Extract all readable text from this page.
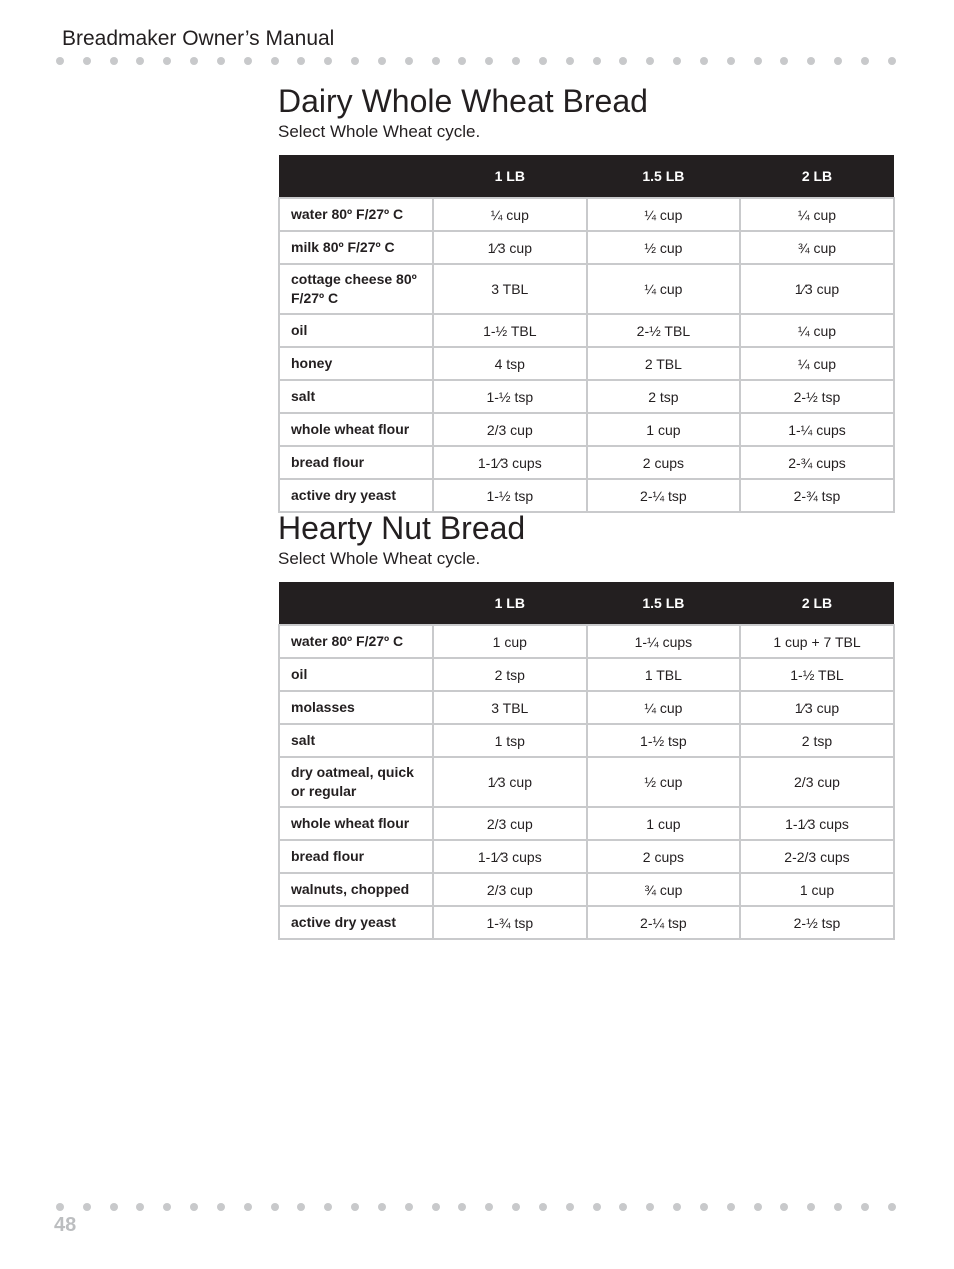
Breadmaker Owner’s Manual
Dairy Whole Wheat Bread

Select Whole Wheat cycle.

	1 LB	1.5 LB	2 LB
water 80º F/27º C	¼ cup	¼ cup	¼ cup
milk 80º F/27º C	1⁄3 cup	½ cup	¾ cup
cottage cheese 80º F/27º C	3 TBL	¼ cup	1⁄3 cup
oil	1-½ TBL	2-½ TBL	¼ cup
honey	4 tsp	2 TBL	¼ cup
salt	1-½ tsp	2 tsp	2-½ tsp
whole wheat flour	2/3 cup	1 cup	1-¼ cups
bread flour	1-1⁄3 cups	2 cups	2-¾ cups
active dry yeast	1-½ tsp	2-¼ tsp	2-¾ tsp
Hearty Nut Bread

Select Whole Wheat cycle.

	1 LB	1.5 LB	2 LB
water 80º F/27º C	1 cup	1-¼ cups	1 cup + 7 TBL
oil	2 tsp	1 TBL	1-½ TBL
molasses	3 TBL	¼ cup	1⁄3 cup
salt	1 tsp	1-½ tsp	2 tsp
dry oatmeal, quick or regular	1⁄3 cup	½ cup	2/3 cup
whole wheat flour	2/3 cup	1 cup	1-1⁄3 cups
bread flour	1-1⁄3 cups	2 cups	2-2/3 cups
walnuts, chopped	2/3 cup	¾ cup	1 cup
active dry yeast	1-¾ tsp	2-¼ tsp	2-½ tsp
48
